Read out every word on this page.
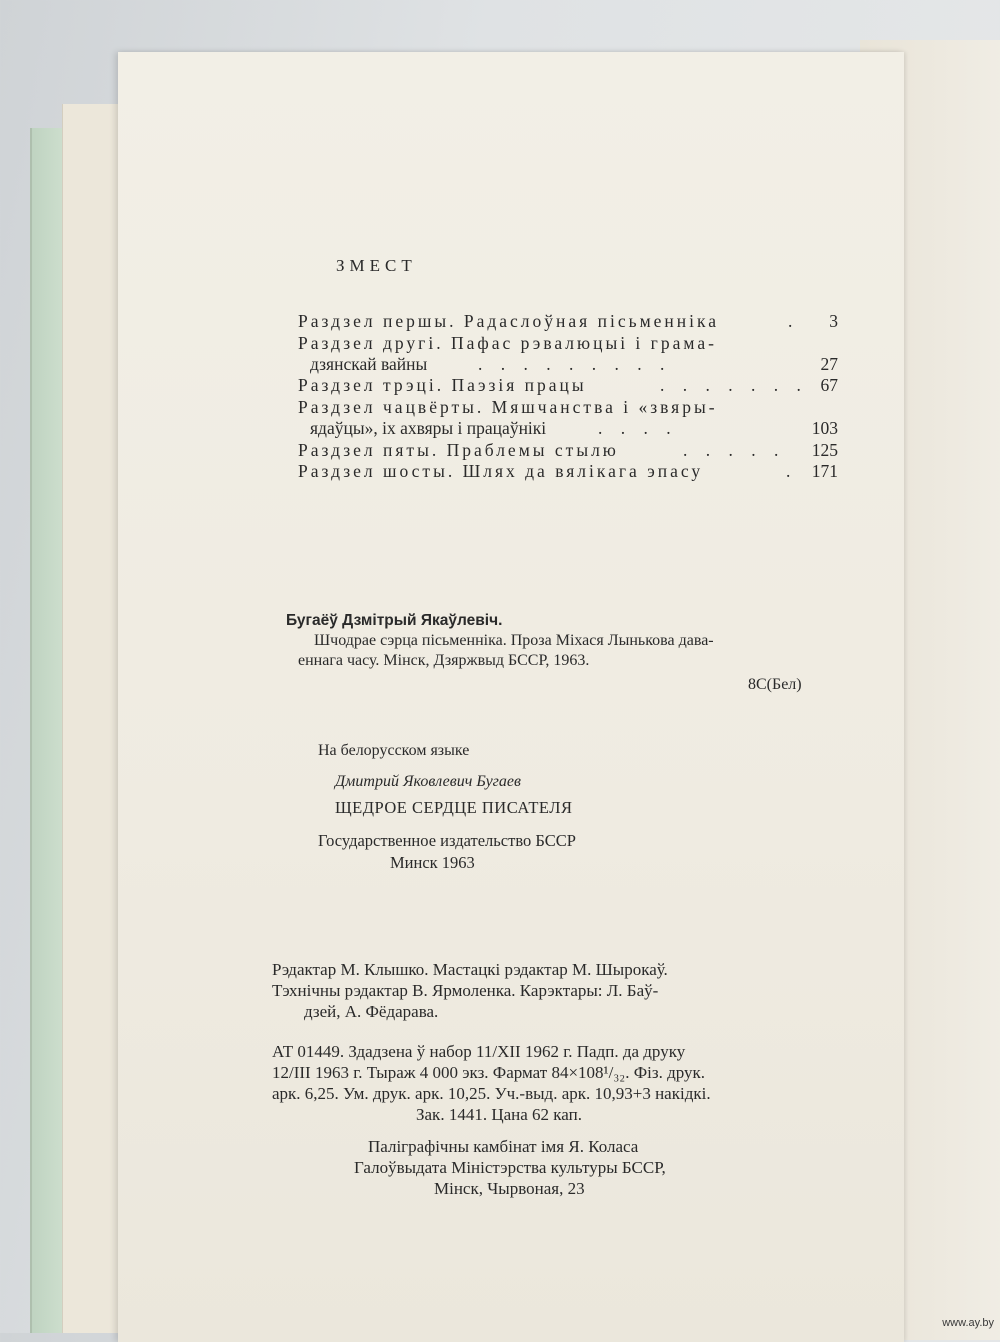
ЗМЕСТ
Раздзел першы. Радаслоўная пісьменніка	. 3
Раздзел другі. Пафас рэвалюцыі і грама-
дзянскай вайны	. . . . . . . . .	27
Раздзел трэці. Паэзія працы	. . . . . . . 67
Раздзел чацвёрты. Мяшчанства і «звяры-
ядаўцы», іх ахвяры і працаўнікі	. . . .	103
Раздзел пяты. Праблемы стылю	. . . . . 125
Раздзел шосты. Шлях да вялікага эпасу	. 171
Бугаёў Дзмітрый Якаўлевіч.
Шчодрае сэрца пісьменніка. Проза Міхася Лынькова дава-
еннага часу. Мінск, Дзяржвыд БССР, 1963.
8С(Бел)
На белорусском языке
Дмитрий Яковлевич Бугаев
ЩЕДРОЕ СЕРДЦЕ ПИСАТЕЛЯ
Государственное издательство БССР
Минск 1963
Рэдактар М. Клышко. Мастацкі рэдактар М. Шырокаў.
Тэхнічны рэдактар В. Ярмоленка. Карэктары: Л. Баў-
дзей, А. Фёдарава.
АТ 01449. Здадзена ў набор 11/XII 1962 г. Падп. да друку
12/III 1963 г. Тыраж 4 000 экз. Фармат 84×108¹/₃₂. Фіз. друк.
арк. 6,25. Ум. друк. арк. 10,25. Уч.-выд. арк. 10,93+3 накідкі.
Зак. 1441. Цана 62 кап.
Паліграфічны камбінат імя Я. Коласа
Галоўвыдата Міністэрства культуры БССР,
Мінск, Чырвоная, 23
www.ay.by
